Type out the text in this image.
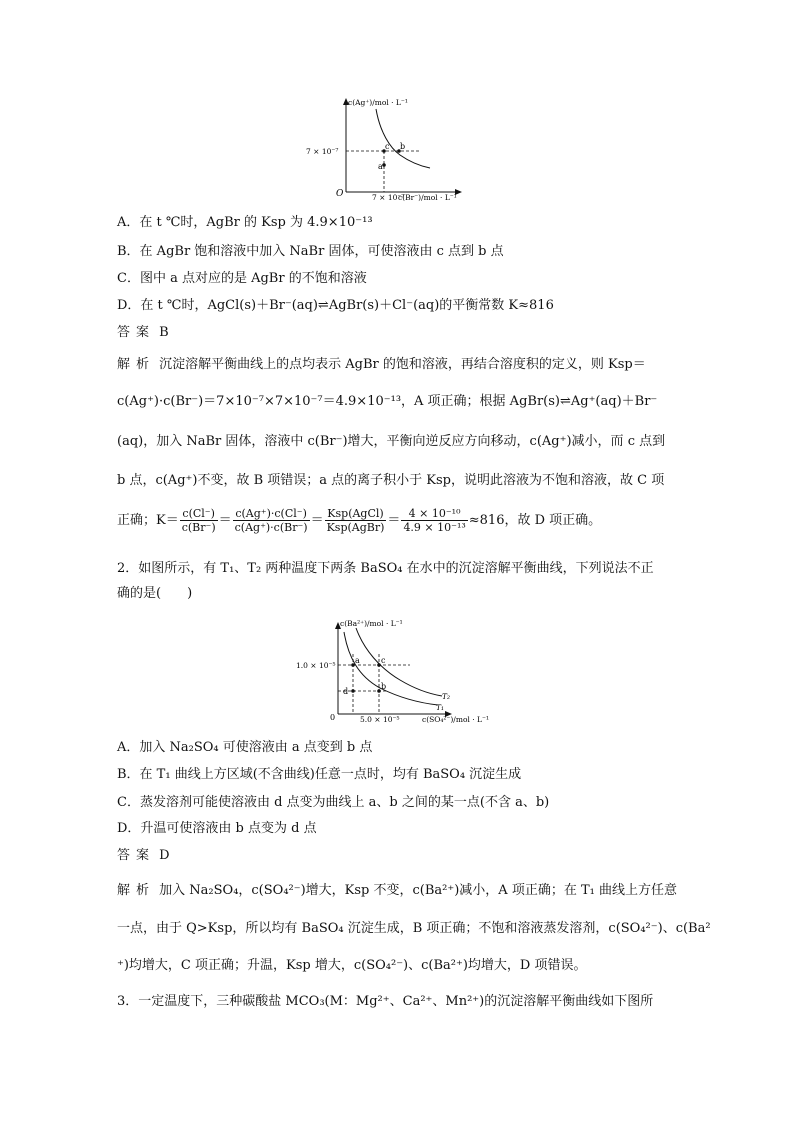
c(Ag⁺)/mol · L⁻¹
c(Br⁻)/mol · L⁻¹
7 × 10⁻⁷
7 × 10⁻⁷
O
c b
a
A．在 t ℃时，AgBr 的 Ksp 为 4.9×10⁻¹³
B．在 AgBr 饱和溶液中加入 NaBr 固体，可使溶液由 c 点到 b 点
C．图中 a 点对应的是 AgBr 的不饱和溶液
D．在 t ℃时，AgCl(s)＋Br⁻(aq)⇌AgBr(s)＋Cl⁻(aq)的平衡常数 K≈816
答案 B
解析 沉淀溶解平衡曲线上的点均表示 AgBr 的饱和溶液，再结合溶度积的定义，则 Ksp＝
c(Ag⁺)·c(Br⁻)＝7×10⁻⁷×7×10⁻⁷＝4.9×10⁻¹³，A 项正确；根据 AgBr(s)⇌Ag⁺(aq)＋Br⁻
(aq)，加入 NaBr 固体，溶液中 c(Br⁻)增大，平衡向逆反应方向移动，c(Ag⁺)减小，而 c 点到
b 点，c(Ag⁺)不变，故 B 项错误；a 点的离子积小于 Ksp，说明此溶液为不饱和溶液，故 C 项
正确；$K= \frac{c(Cl^-)}{c(Br^-)} = \frac{c(Ag^+)\cdot c(Cl^-)}{c(Ag^+)\cdot c(Br^-)} = \frac{\text{Ksp(AgCl)}}{\text{Ksp(AgBr)}} = \frac{\text{4 × 10⁻¹⁰}}{\text{4.9 × 10⁻¹³}} \approx 816$，故 D 项正确。
2．如图所示，有 T₁、T₂ 两种温度下两条 BaSO₄ 在水中的沉淀溶解平衡曲线，下列说法不正
确的是(　　)
c(Ba²⁺)/mol · L⁻¹
c(SO₄²⁻)/mol · L⁻¹
1.0 × 10⁻⁵
5.0 × 10⁻⁵
0
a	c
d
b
T₂
T₁
A．加入 Na₂SO₄ 可使溶液由 a 点变到 b 点
B．在 T₁ 曲线上方区域(不含曲线)任意一点时，均有 BaSO₄ 沉淀生成
C．蒸发溶剂可能使溶液由 d 点变为曲线上 a、b 之间的某一点(不含 a、b)
D．升温可使溶液由 b 点变为 d 点
答案 D
解析 加入 Na₂SO₄，c(SO₄²⁻)增大，Ksp 不变，c(Ba²⁺)减小，A 项正确；在 T₁ 曲线上方任意
一点，由于 Q>Ksp，所以均有 BaSO₄ 沉淀生成，B 项正确；不饱和溶液蒸发溶剂，c(SO₄²⁻)、c(Ba²
⁺)均增大，C 项正确；升温，Ksp 增大，c(SO₄²⁻)、c(Ba²⁺)均增大，D 项错误。
3．一定温度下，三种碳酸盐 MCO₃(M：Mg²⁺、Ca²⁺、Mn²⁺)的沉淀溶解平衡曲线如下图所
